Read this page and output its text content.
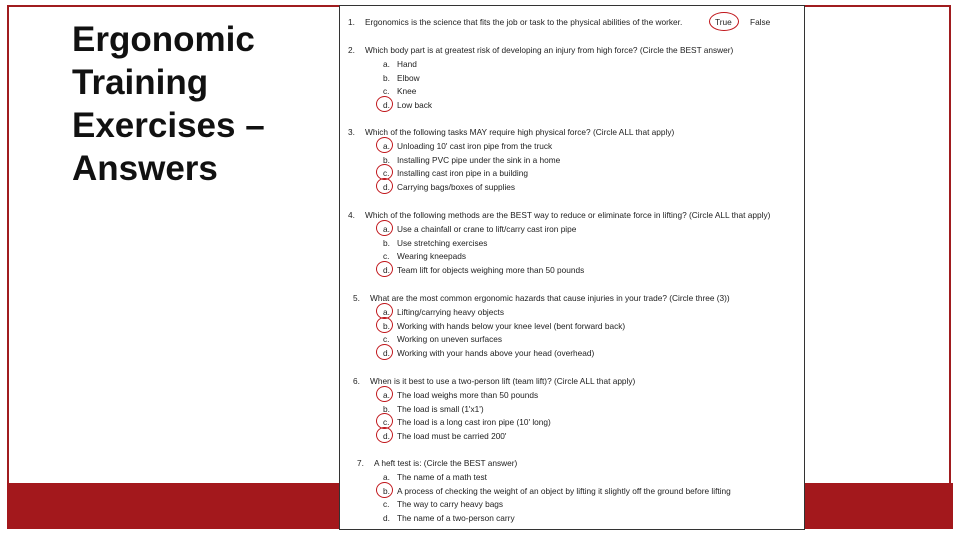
Ergonomic Training Exercises – Answers
1. Ergonomics is the science that fits the job or task to the physical abilities of the worker.	True False
2. Which body part is at greatest risk of developing an injury from high force? (Circle the BEST answer)
a. Hand
b. Elbow
c. Knee
d. Low back
3. Which of the following tasks MAY require high physical force? (Circle ALL that apply)
a. Unloading 10' cast iron pipe from the truck
b. Installing PVC pipe under the sink in a home
c. Installing cast iron pipe in a building
d. Carrying bags/boxes of supplies
4. Which of the following methods are the BEST way to reduce or eliminate force in lifting? (Circle ALL that apply)
a. Use a chainfall or crane to lift/carry cast iron pipe
b. Use stretching exercises
c. Wearing kneepads
d. Team lift for objects weighing more than 50 pounds
5. What are the most common ergonomic hazards that cause injuries in your trade? (Circle three (3))
a. Lifting/carrying heavy objects
b. Working with hands below your knee level (bent forward back)
c. Working on uneven surfaces
d. Working with your hands above your head (overhead)
6. When is it best to use a two-person lift (team lift)? (Circle ALL that apply)
a. The load weighs more than 50 pounds
b. The load is small (1'x1')
c. The load is a long cast iron pipe (10' long)
d. The load must be carried 200'
7. A heft test is: (Circle the BEST answer)
a. The name of a math test
b. A process of checking the weight of an object by lifting it slightly off the ground before lifting
c. The way to carry heavy bags
d. The name of a two-person carry
